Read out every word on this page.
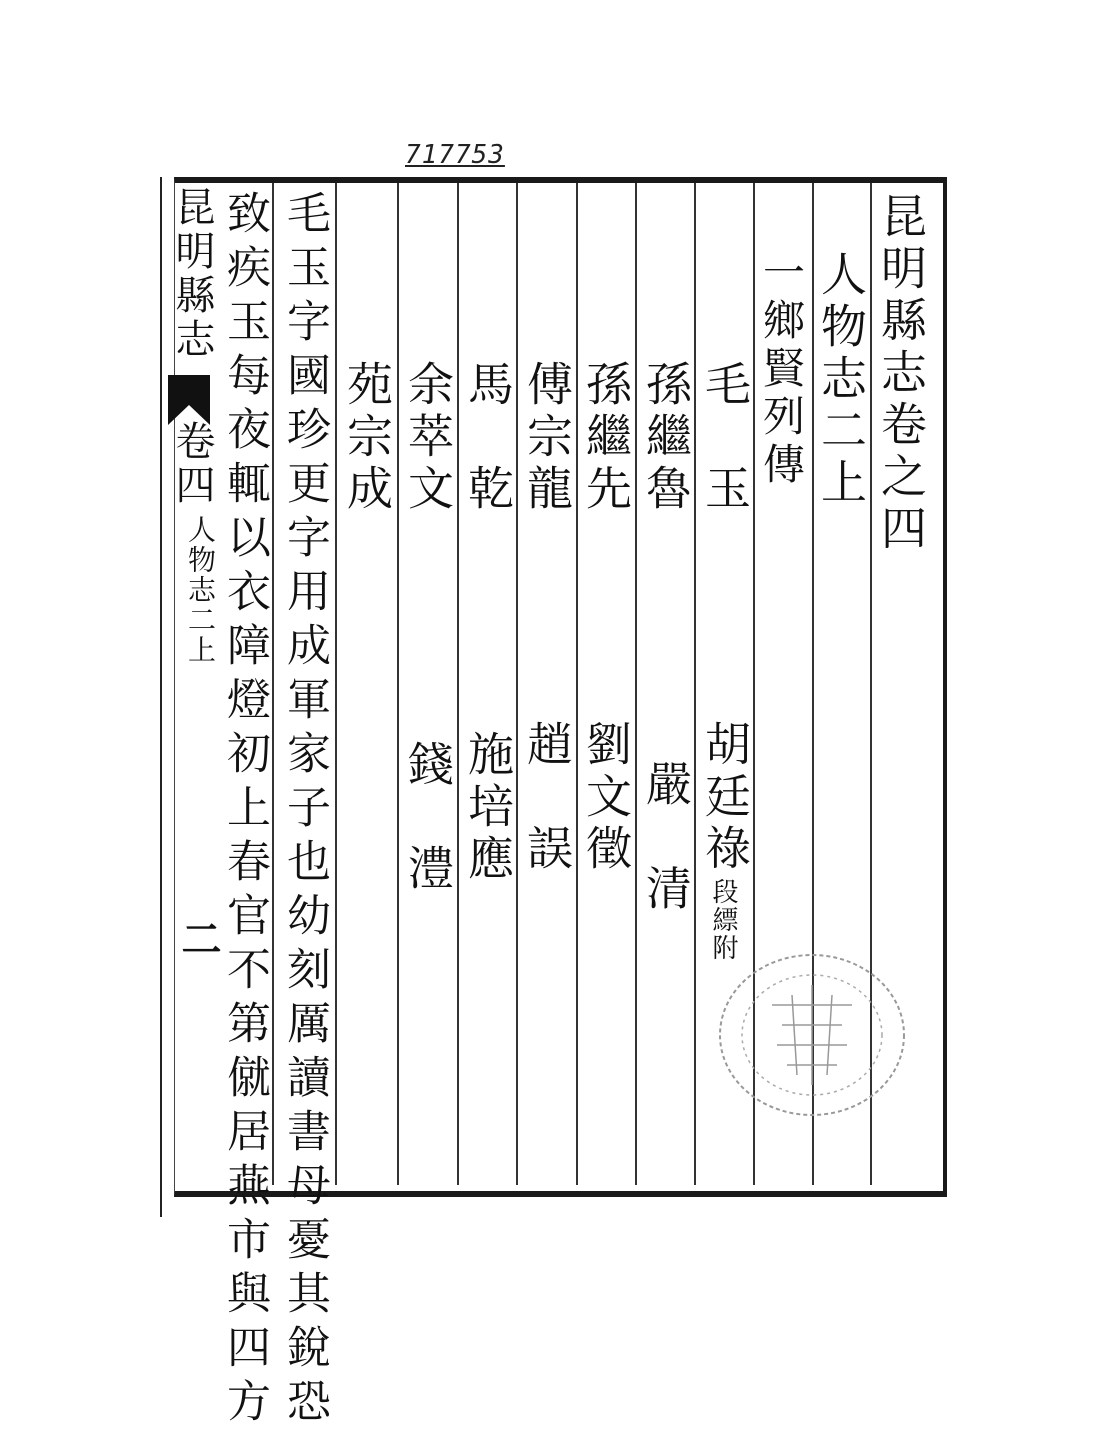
717753
昆明縣志卷之四
人物志二上
一鄉賢列傳
毛　玉
胡廷祿
段縹附
孫繼魯
嚴　清
孫繼先
劉文徵
傅宗龍
趙　誤
馬　乾
施培應
余萃文
錢　澧
苑宗成
毛玉字國珍更字用成軍家子也幼刻厲讀書母憂其銳恐
致疾玉每夜輒以衣障燈初上春官不第僦居燕市與四方
昆明縣志
卷四
人物志二上
二
